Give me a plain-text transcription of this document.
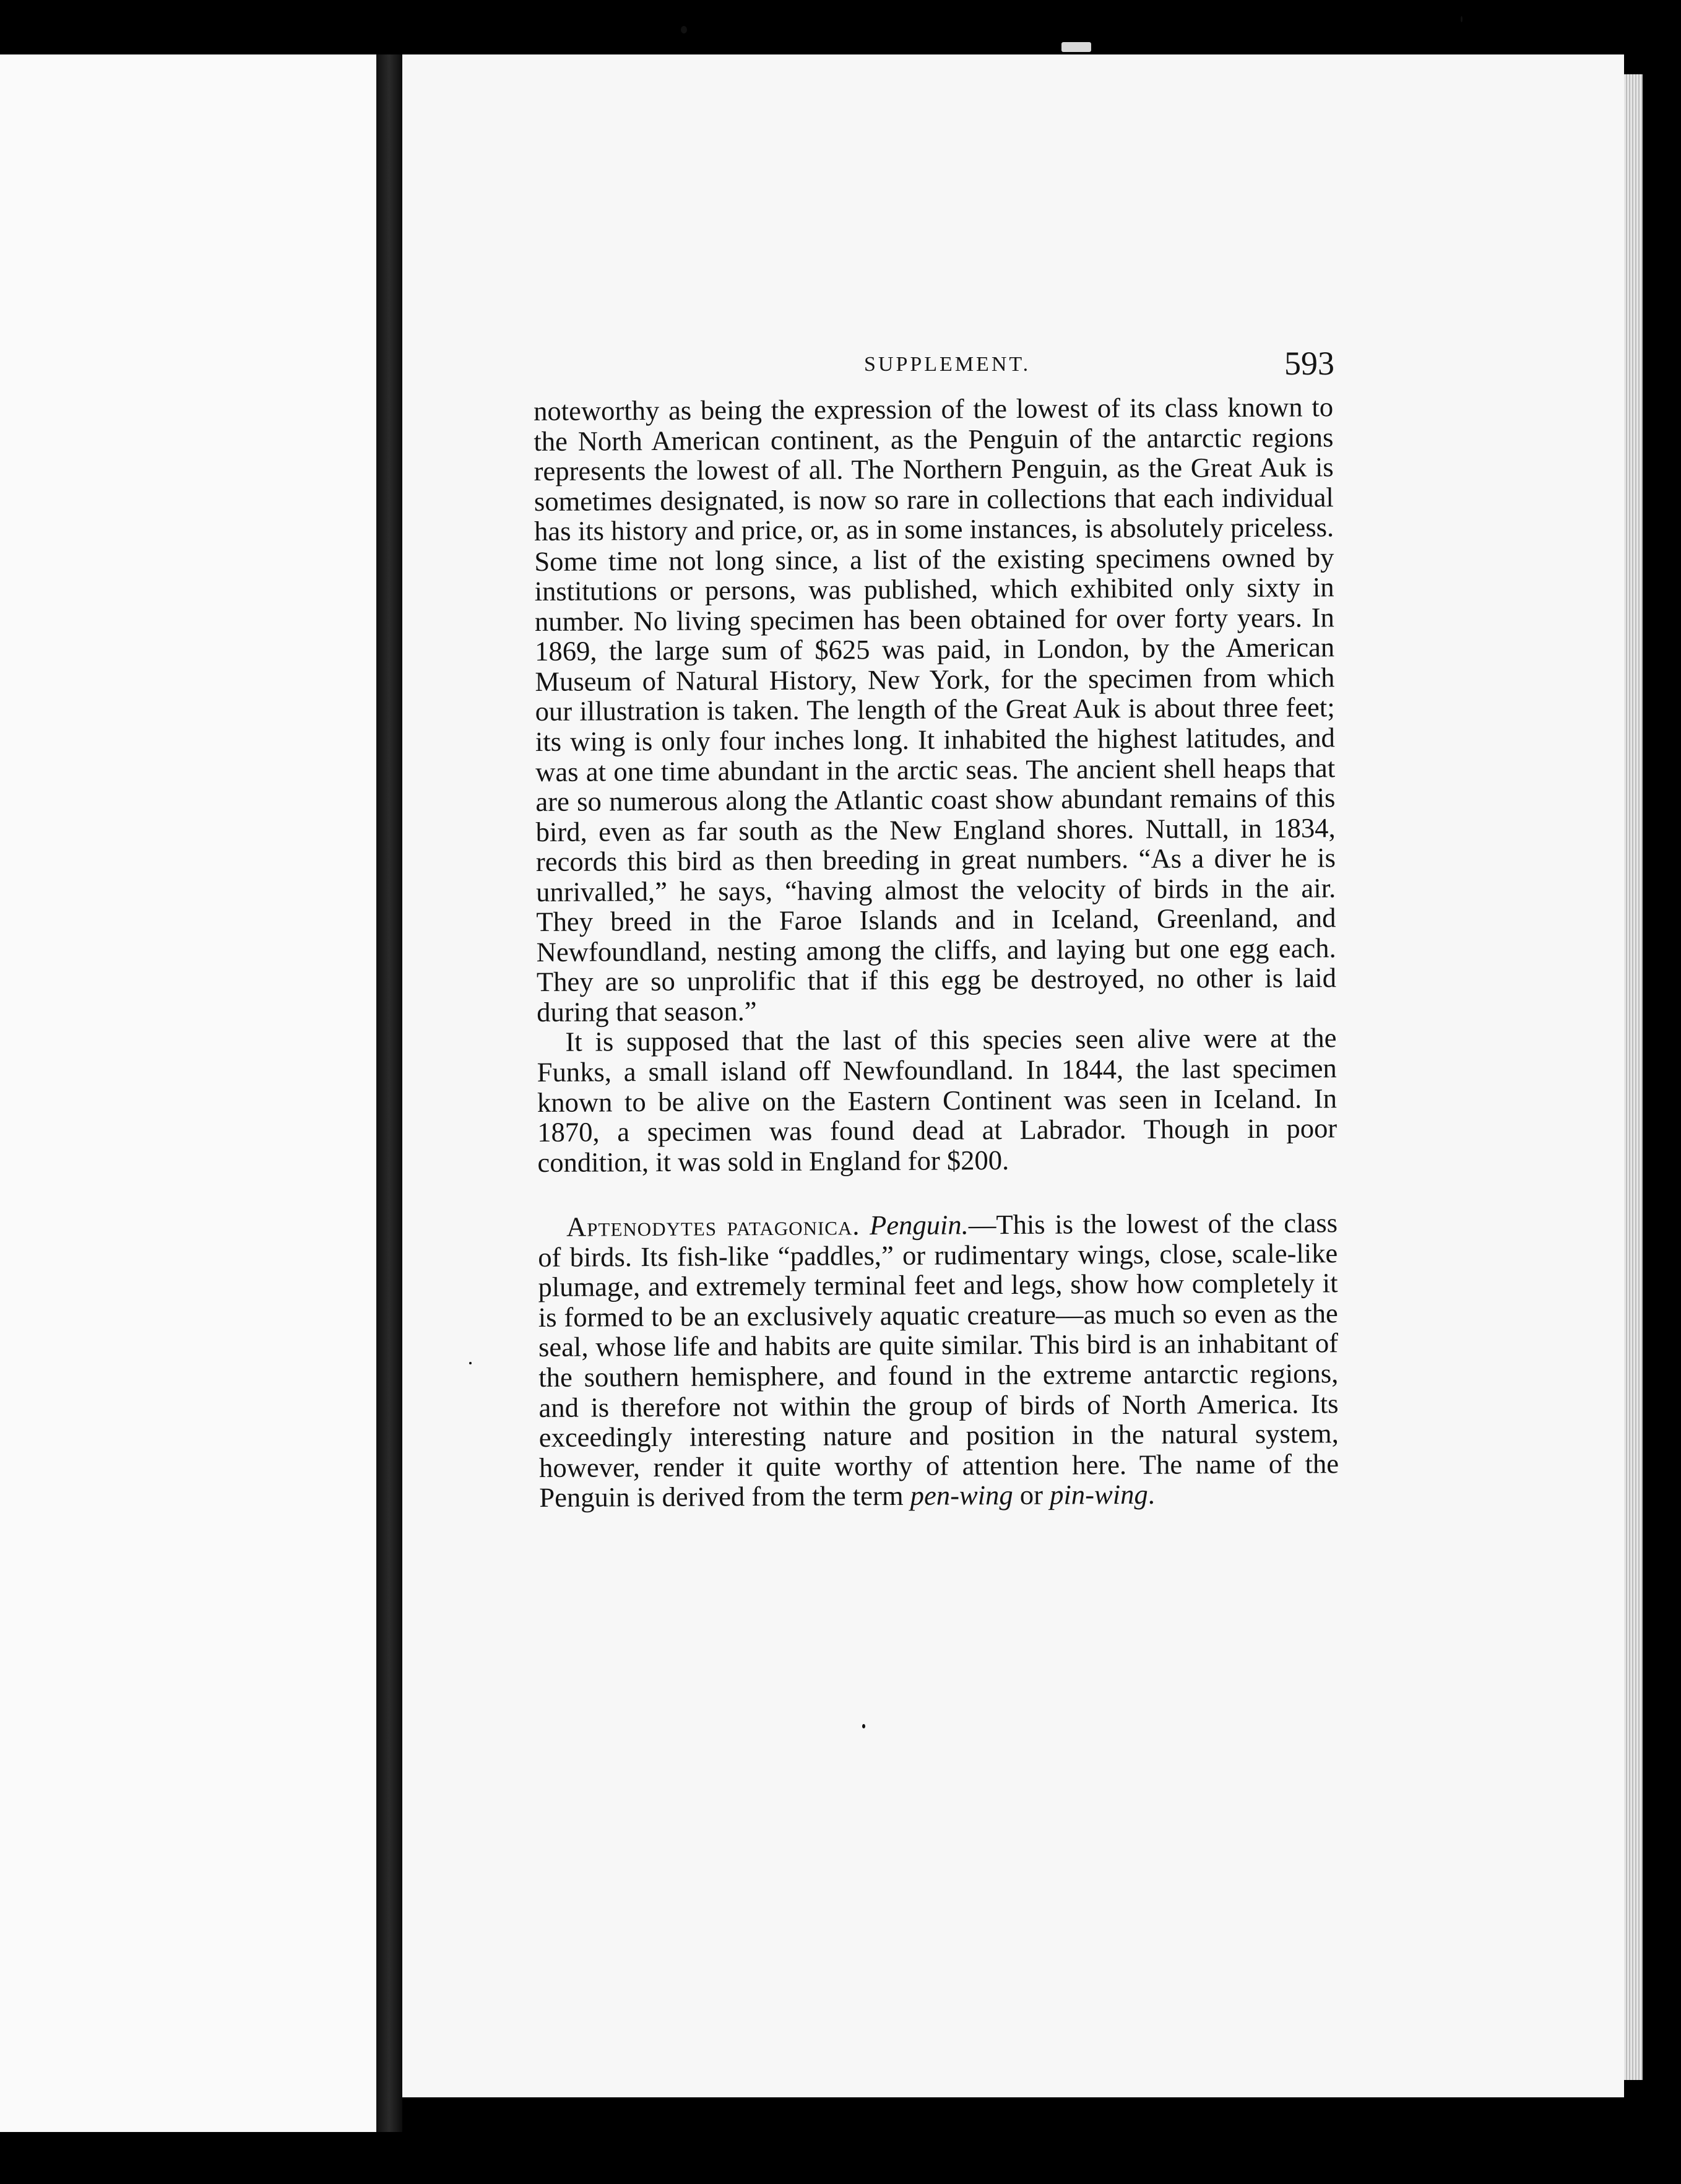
SUPPLEMENT.	593

noteworthy as being the expression of the lowest of its class known to the North American continent, as the Penguin of the antarctic regions represents the lowest of all. The Northern Penguin, as the Great Auk is sometimes designated, is now so rare in collections that each individual has its history and price, or, as in some instances, is absolutely priceless. Some time not long since, a list of the existing specimens owned by institutions or persons, was published, which exhibited only sixty in number. No living specimen has been obtained for over forty years. In 1869, the large sum of $625 was paid, in London, by the American Museum of Natural History, New York, for the specimen from which our illustration is taken. The length of the Great Auk is about three feet; its wing is only four inches long. It inhabited the highest latitudes, and was at one time abundant in the arctic seas. The ancient shell heaps that are so numerous along the Atlantic coast show abundant remains of this bird, even as far south as the New England shores. Nuttall, in 1834, records this bird as then breeding in great numbers. “As a diver he is unrivalled,” he says, “having almost the velocity of birds in the air. They breed in the Faroe Islands and in Iceland, Greenland, and Newfoundland, nesting among the cliffs, and laying but one egg each. They are so unprolific that if this egg be destroyed, no other is laid during that season.”

It is supposed that the last of this species seen alive were at the Funks, a small island off Newfoundland. In 1844, the last specimen known to be alive on the Eastern Continent was seen in Iceland. In 1870, a specimen was found dead at Labrador. Though in poor condition, it was sold in England for $200.

Aptenodytes patagonica. Penguin.—This is the lowest of the class of birds. Its fish-like “paddles,” or rudimentary wings, close, scale-like plumage, and extremely terminal feet and legs, show how completely it is formed to be an exclusively aquatic creature—as much so even as the seal, whose life and habits are quite similar. This bird is an inhabitant of the southern hemisphere, and found in the extreme antarctic regions, and is therefore not within the group of birds of North America. Its exceedingly interesting nature and position in the natural system, however, render it quite worthy of attention here. The name of the Penguin is derived from the term pen-wing or pin-wing.
